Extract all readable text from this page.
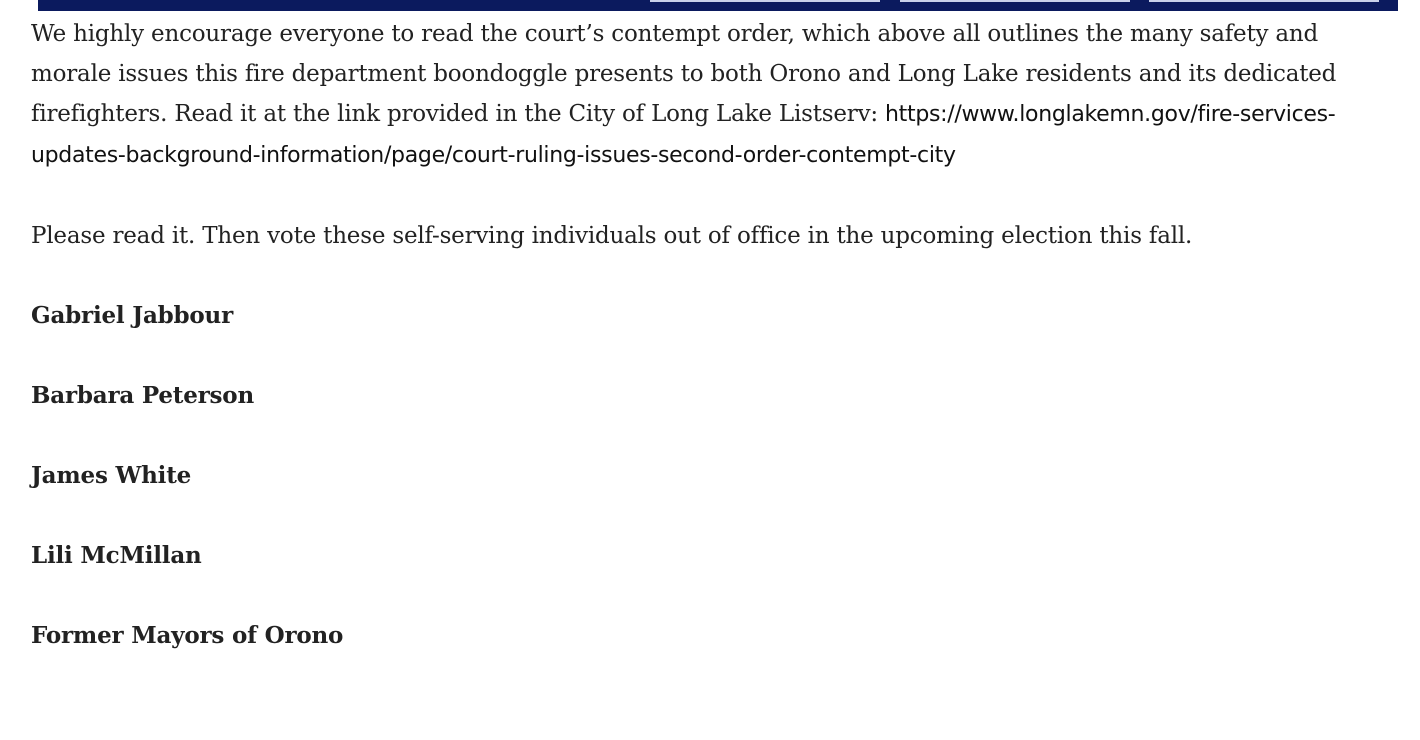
We highly encourage everyone to read the court’s contempt order, which above all outlines the many safety and morale issues this fire department boondoggle presents to both Orono and Long Lake residents and its dedicated firefighters. Read it at the link provided in the City of Long Lake Listserv: https://www.longlakemn.gov/fire-services-updates-background-information/page/court-ruling-issues-second-order-contempt-city

Please read it. Then vote these self-serving individuals out of office in the upcoming election this fall.

Gabriel Jabbour

Barbara Peterson

James White

Lili McMillan

Former Mayors of Orono
